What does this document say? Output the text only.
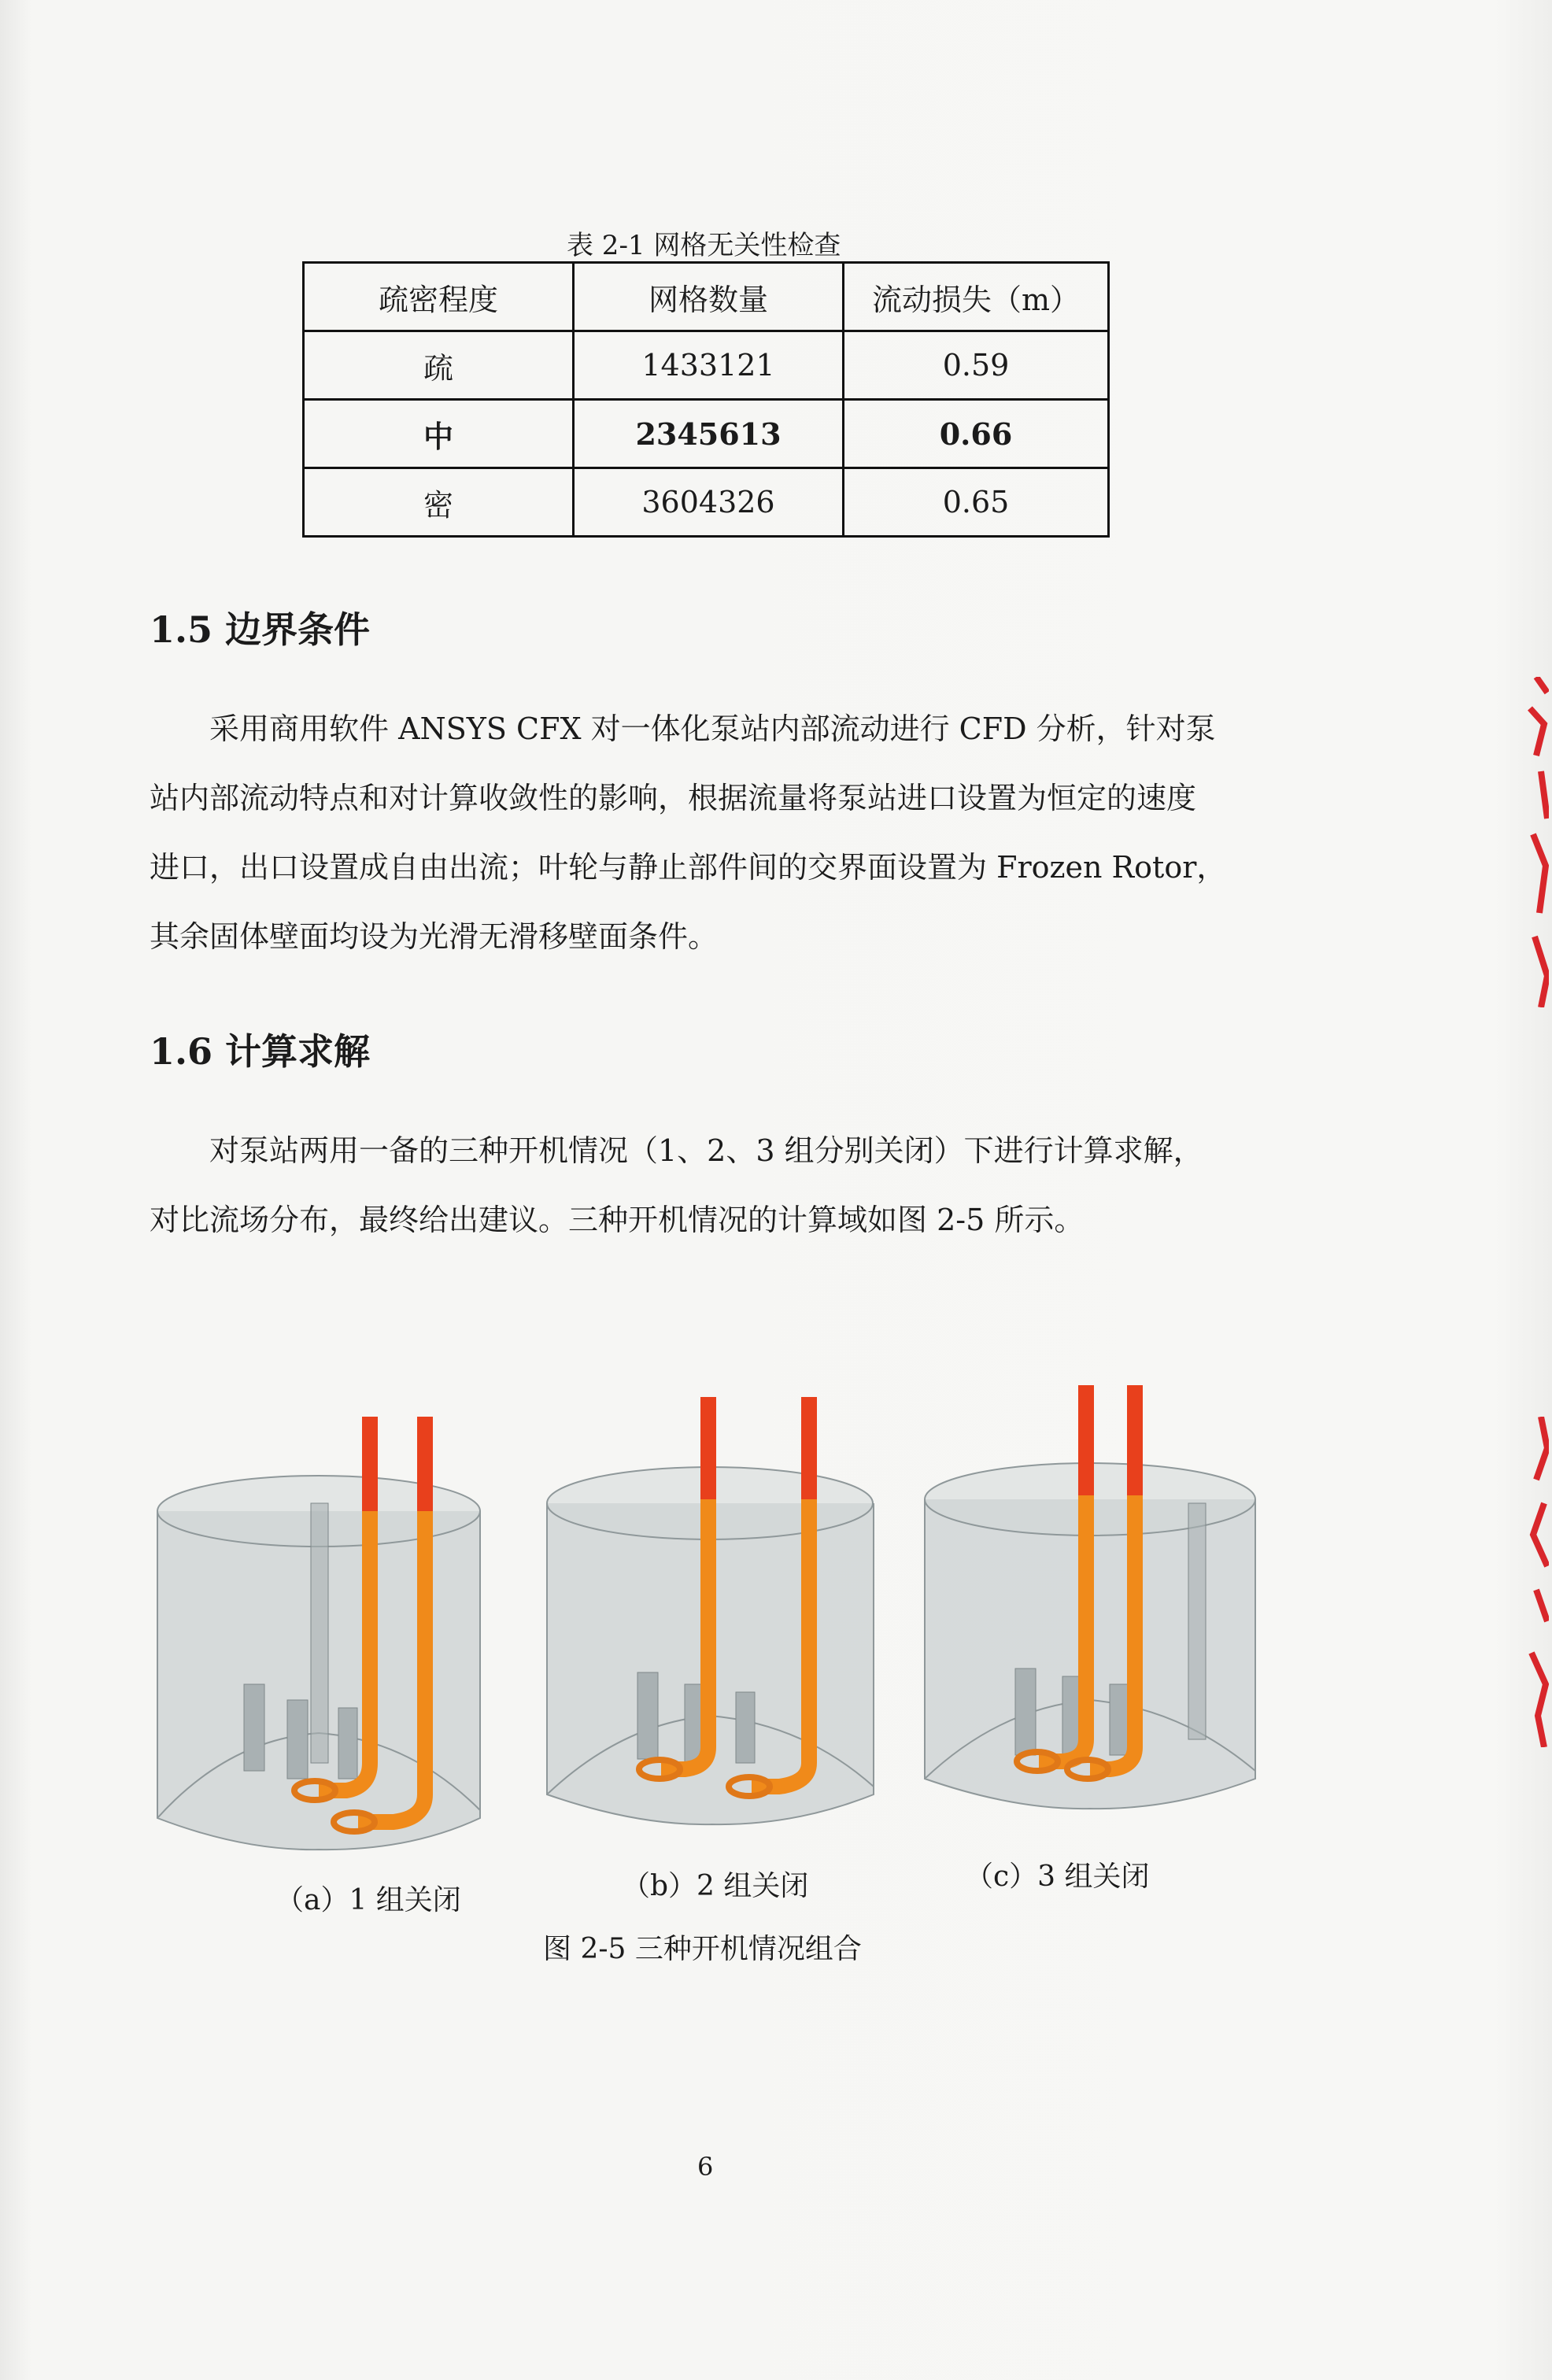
表 2-1 网格无关性检查
疏密程度	网格数量	流动损失（m）
疏	1433121	0.59
中	2345613	0.66
密	3604326	0.65
1.5 边界条件

采用商用软件 ANSYS CFX 对一体化泵站内部流动进行 CFD 分析，针对泵

站内部流动特点和对计算收敛性的影响，根据流量将泵站进口设置为恒定的速度

进口，出口设置成自由出流；叶轮与静止部件间的交界面设置为 Frozen Rotor，

其余固体壁面均设为光滑无滑移壁面条件。

1.6 计算求解

对泵站两用一备的三种开机情况（1、2、3 组分别关闭）下进行计算求解，

对比流场分布，最终给出建议。三种开机情况的计算域如图 2-5 所示。

（a）1 组关闭	（b）2 组关闭	（c）3 组关闭
图 2-5 三种开机情况组合
6
